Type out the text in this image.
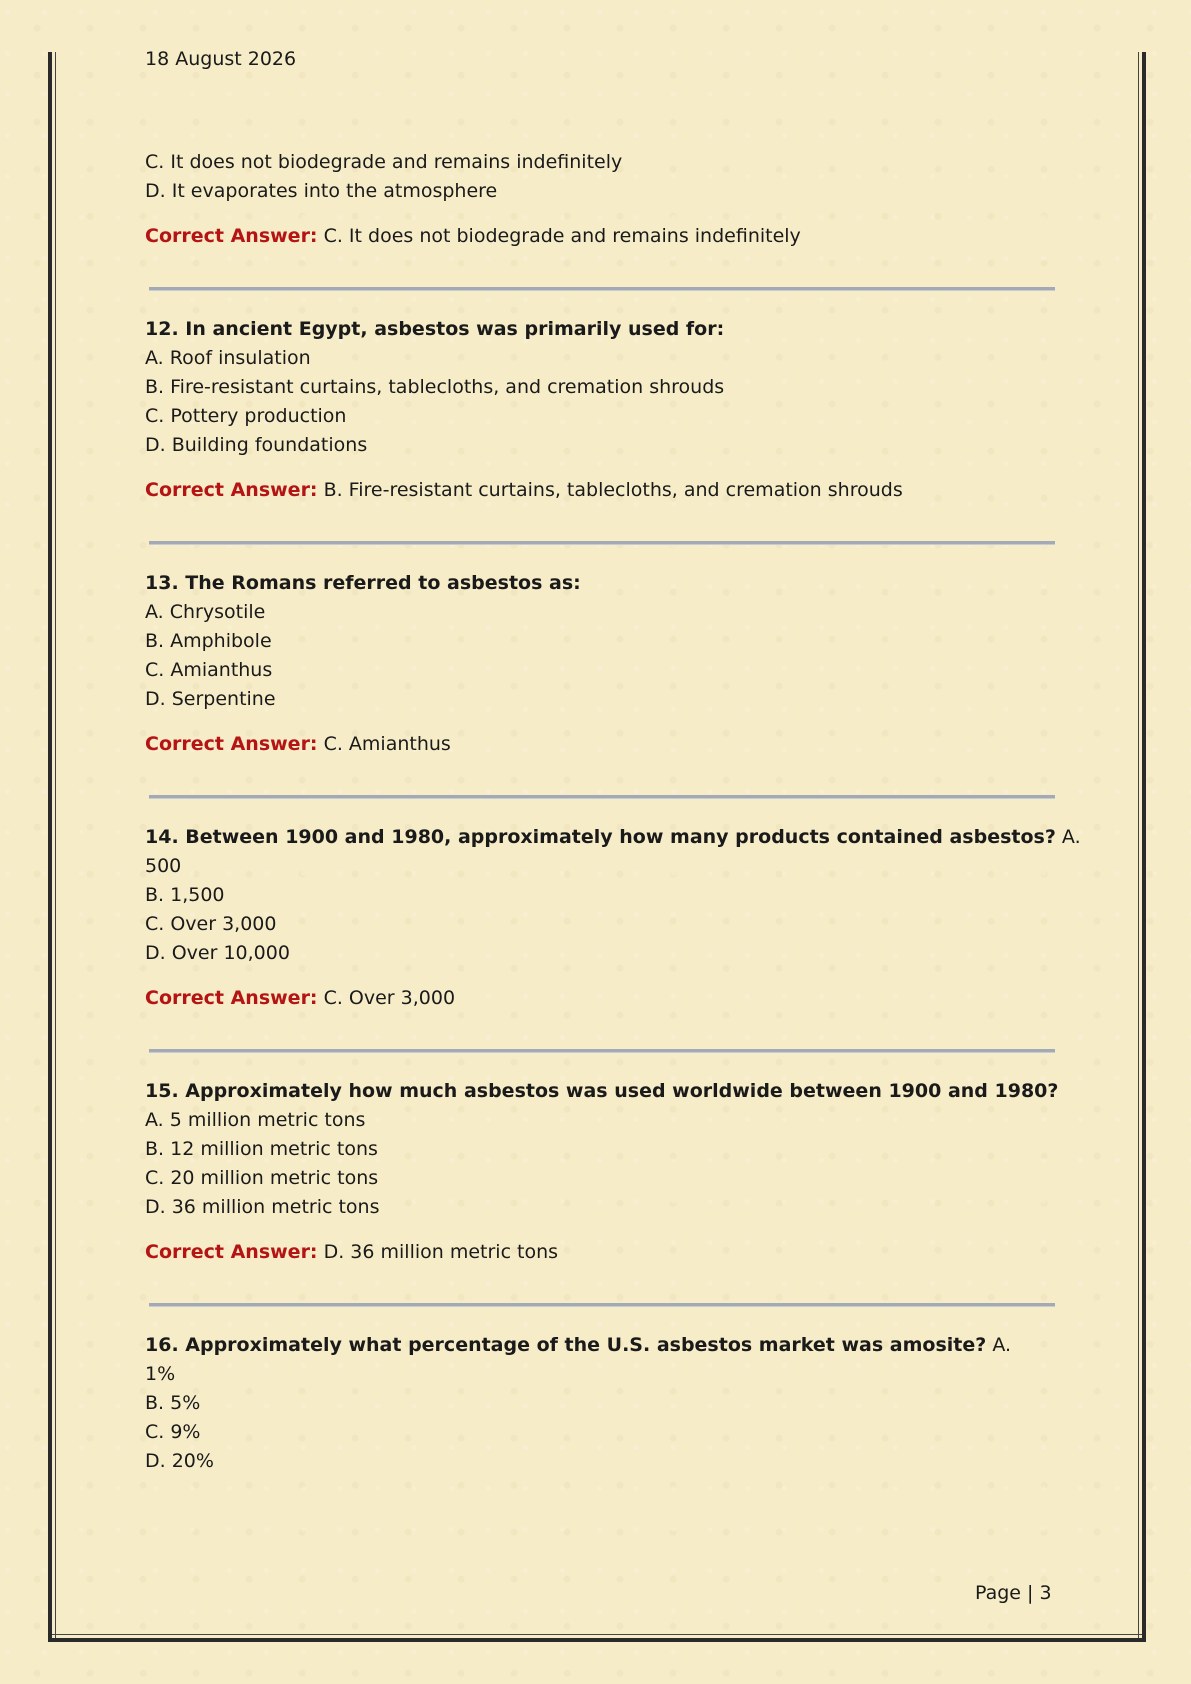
18 August 2026
C. It does not biodegrade and remains indefinitely
D. It evaporates into the atmosphere
Correct Answer: C. It does not biodegrade and remains indefinitely
12. In ancient Egypt, asbestos was primarily used for:
A. Roof insulation
B. Fire-resistant curtains, tablecloths, and cremation shrouds
C. Pottery production
D. Building foundations
Correct Answer: B. Fire-resistant curtains, tablecloths, and cremation shrouds
13. The Romans referred to asbestos as:
A. Chrysotile
B. Amphibole
C. Amianthus
D. Serpentine
Correct Answer: C. Amianthus
14. Between 1900 and 1980, approximately how many products contained asbestos? A.
500
B. 1,500
C. Over 3,000
D. Over 10,000
Correct Answer: C. Over 3,000
15. Approximately how much asbestos was used worldwide between 1900 and 1980?
A. 5 million metric tons
B. 12 million metric tons
C. 20 million metric tons
D. 36 million metric tons
Correct Answer: D. 36 million metric tons
16. Approximately what percentage of the U.S. asbestos market was amosite? A.
1%
B. 5%
C. 9%
D. 20%
Page | 3
